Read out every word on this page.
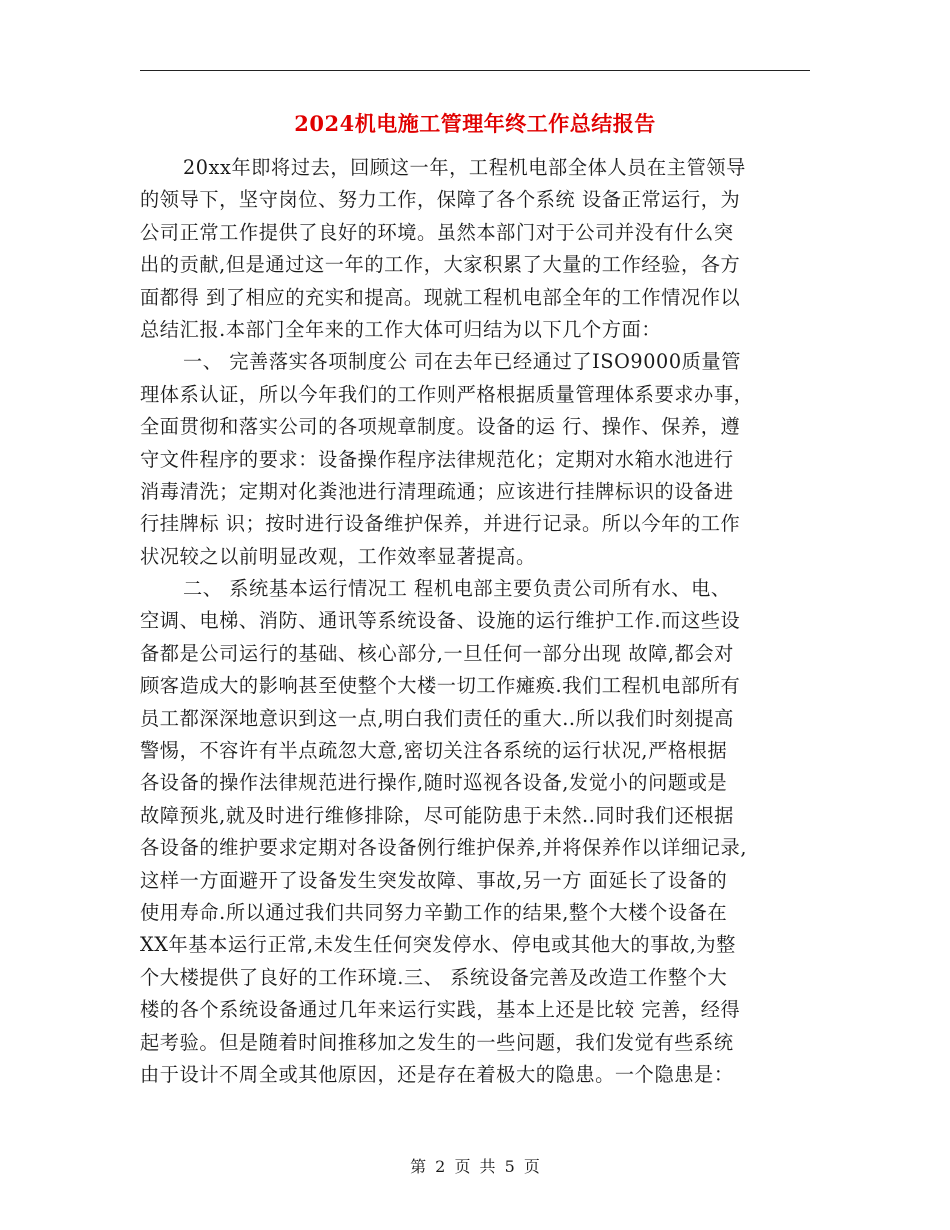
2024机电施工管理年终工作总结报告
20xx年即将过去，回顾这一年，工程机电部全体人员在主管领导
的领导下，坚守岗位、努力工作，保障了各个系统 设备正常运行，为
公司正常工作提供了良好的环境。虽然本部门对于公司并没有什么突
出的贡献,但是通过这一年的工作，大家积累了大量的工作经验，各方
面都得 到了相应的充实和提高。现就工程机电部全年的工作情况作以
总结汇报.本部门全年来的工作大体可归结为以下几个方面：
一、 完善落实各项制度公 司在去年已经通过了ISO9000质量管
理体系认证，所以今年我们的工作则严格根据质量管理体系要求办事，
全面贯彻和落实公司的各项规章制度。设备的运 行、操作、保养，遵
守文件程序的要求：设备操作程序法律规范化；定期对水箱水池进行
消毒清洗；定期对化粪池进行清理疏通；应该进行挂牌标识的设备进
行挂牌标 识；按时进行设备维护保养，并进行记录。所以今年的工作
状况较之以前明显改观，工作效率显著提高。
二、 系统基本运行情况工 程机电部主要负责公司所有水、电、
空调、电梯、消防、通讯等系统设备、设施的运行维护工作.而这些设
备都是公司运行的基础、核心部分,一旦任何一部分出现 故障,都会对
顾客造成大的影响甚至使整个大楼一切工作瘫痪.我们工程机电部所有
员工都深深地意识到这一点,明白我们责任的重大..所以我们时刻提高
警惕，不容许有半点疏忽大意,密切关注各系统的运行状况,严格根据
各设备的操作法律规范进行操作,随时巡视各设备,发觉小的问题或是
故障预兆,就及时进行维修排除，尽可能防患于未然..同时我们还根据
各设备的维护要求定期对各设备例行维护保养,并将保养作以详细记录,
这样一方面避开了设备发生突发故障、事故,另一方 面延长了设备的
使用寿命.所以通过我们共同努力辛勤工作的结果,整个大楼个设备在
XX年基本运行正常,未发生任何突发停水、停电或其他大的事故,为整
个大楼提供了良好的工作环境.三、 系统设备完善及改造工作整个大
楼的各个系统设备通过几年来运行实践，基本上还是比较 完善，经得
起考验。但是随着时间推移加之发生的一些问题，我们发觉有些系统
由于设计不周全或其他原因，还是存在着极大的隐患。一个隐患是：
第 2 页 共 5 页
